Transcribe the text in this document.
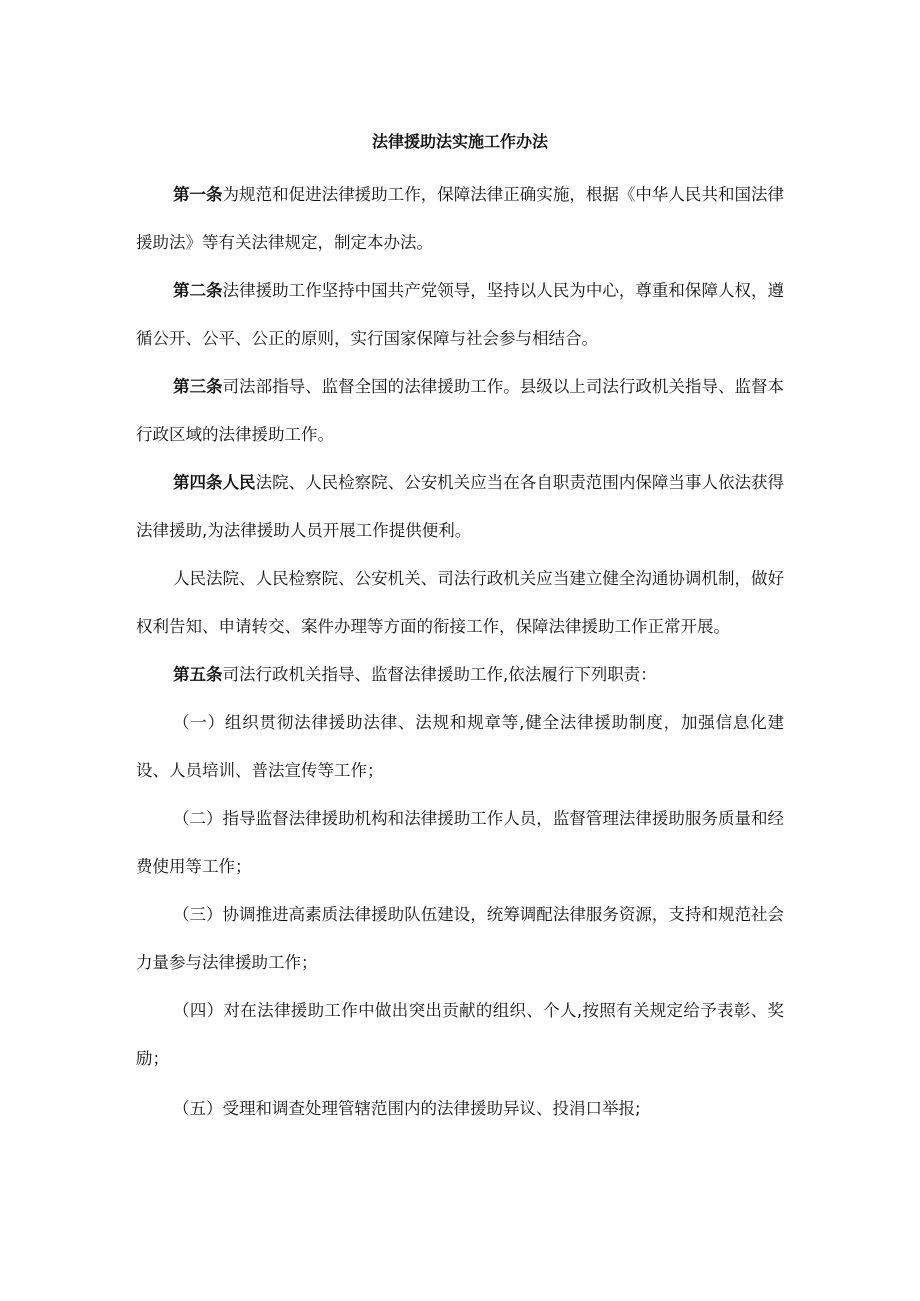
法律援助法实施工作办法

第一条为规范和促进法律援助工作，保障法律正确实施，根据《中华人民共和国法律援助法》等有关法律规定，制定本办法。

第二条法律援助工作坚持中国共产党领导，坚持以人民为中心，尊重和保障人权，遵循公开、公平、公正的原则，实行国家保障与社会参与相结合。

第三条司法部指导、监督全国的法律援助工作。县级以上司法行政机关指导、监督本行政区域的法律援助工作。

第四条人民法院、人民检察院、公安机关应当在各自职责范围内保障当事人依法获得法律援助,为法律援助人员开展工作提供便利。

人民法院、人民检察院、公安机关、司法行政机关应当建立健全沟通协调机制，做好权利告知、申请转交、案件办理等方面的衔接工作，保障法律援助工作正常开展。

第五条司法行政机关指导、监督法律援助工作,依法履行下列职责：

（一）组织贯彻法律援助法律、法规和规章等,健全法律援助制度，加强信息化建设、人员培训、普法宣传等工作；

（二）指导监督法律援助机构和法律援助工作人员，监督管理法律援助服务质量和经费使用等工作；

（三）协调推进高素质法律援助队伍建设，统筹调配法律服务资源，支持和规范社会力量参与法律援助工作；

（四）对在法律援助工作中做出突出贡献的组织、个人,按照有关规定给予表彰、奖励；

（五）受理和调查处理管辖范围内的法律援助异议、投涓口举报;
